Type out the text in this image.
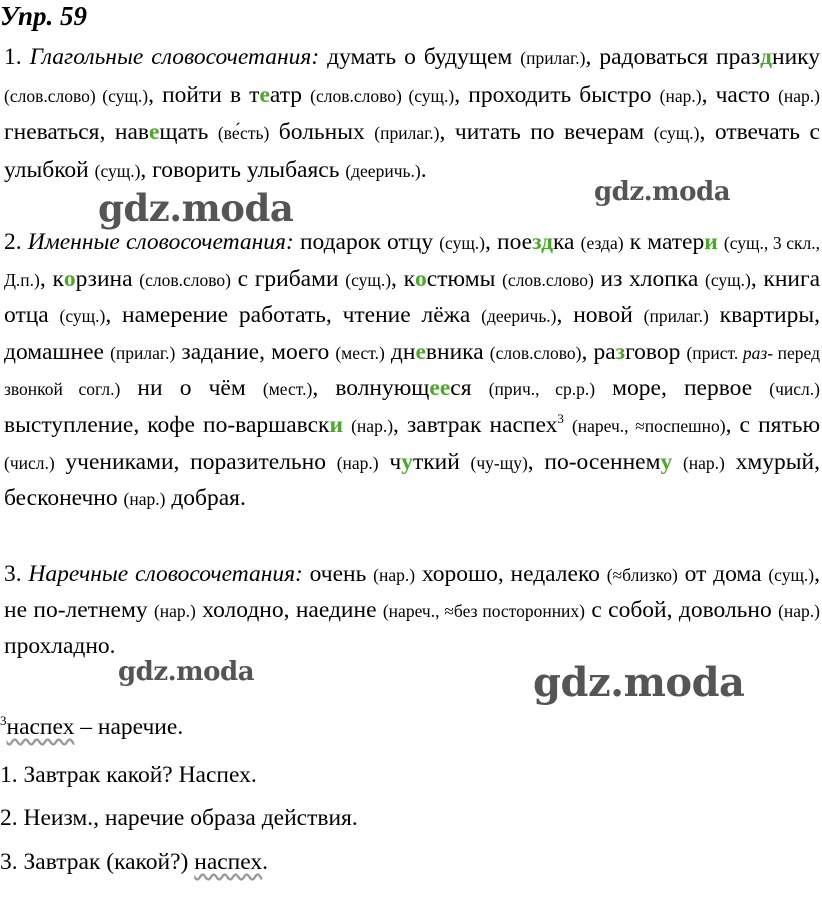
Упр. 59
1. Глагольные словосочетания: думать о будущем (прилаг.), радоваться празднику (слов.слово) (сущ.), пойти в театр (слов.слово) (сущ.), проходить быстро (нар.), часто (нар.) гневаться, навещать (ве́сть) больных (прилаг.), читать по вечерам (сущ.), отвечать с улыбкой (сущ.), говорить улыбаясь (дееричь.).
2. Именные словосочетания: подарок отцу (сущ.), поездка (езда) к матери (сущ., 3 скл., Д.п.), корзина (слов.слово) с грибами (сущ.), костюмы (слов.слово) из хлопка (сущ.), книга отца (сущ.), намерение работать, чтение лёжа (дееричь.), новой (прилаг.) квартиры, домашнее (прилаг.) задание, моего (мест.) дневника (слов.слово), разговор (прист. раз- перед звонкой согл.) ни о чём (мест.), волнующееся (прич., ср.р.) море, первое (числ.) выступление, кофе по-варшавски (нар.), завтрак наспех$^3$ (нареч., ≈поспешно), с пятью (числ.) учениками, поразительно (нар.) чуткий (чу-щу), по-осеннему (нар.) хмурый, бесконечно (нар.) добрая.
3. Наречные словосочетания: очень (нар.) хорошо, недалеко (≈близко) от дома (сущ.), не по-летнему (нар.) холодно, наедине (нареч., ≈без посторонних) с собой, довольно (нар.) прохладно.
$^3$наспех – наречие.
1. Завтрак какой? Наспех.
2. Неизм., наречие образа действия.
3. Завтрак (какой?) наспех.
gdz.moda	gdz.moda
gdz.moda	gdz.moda
